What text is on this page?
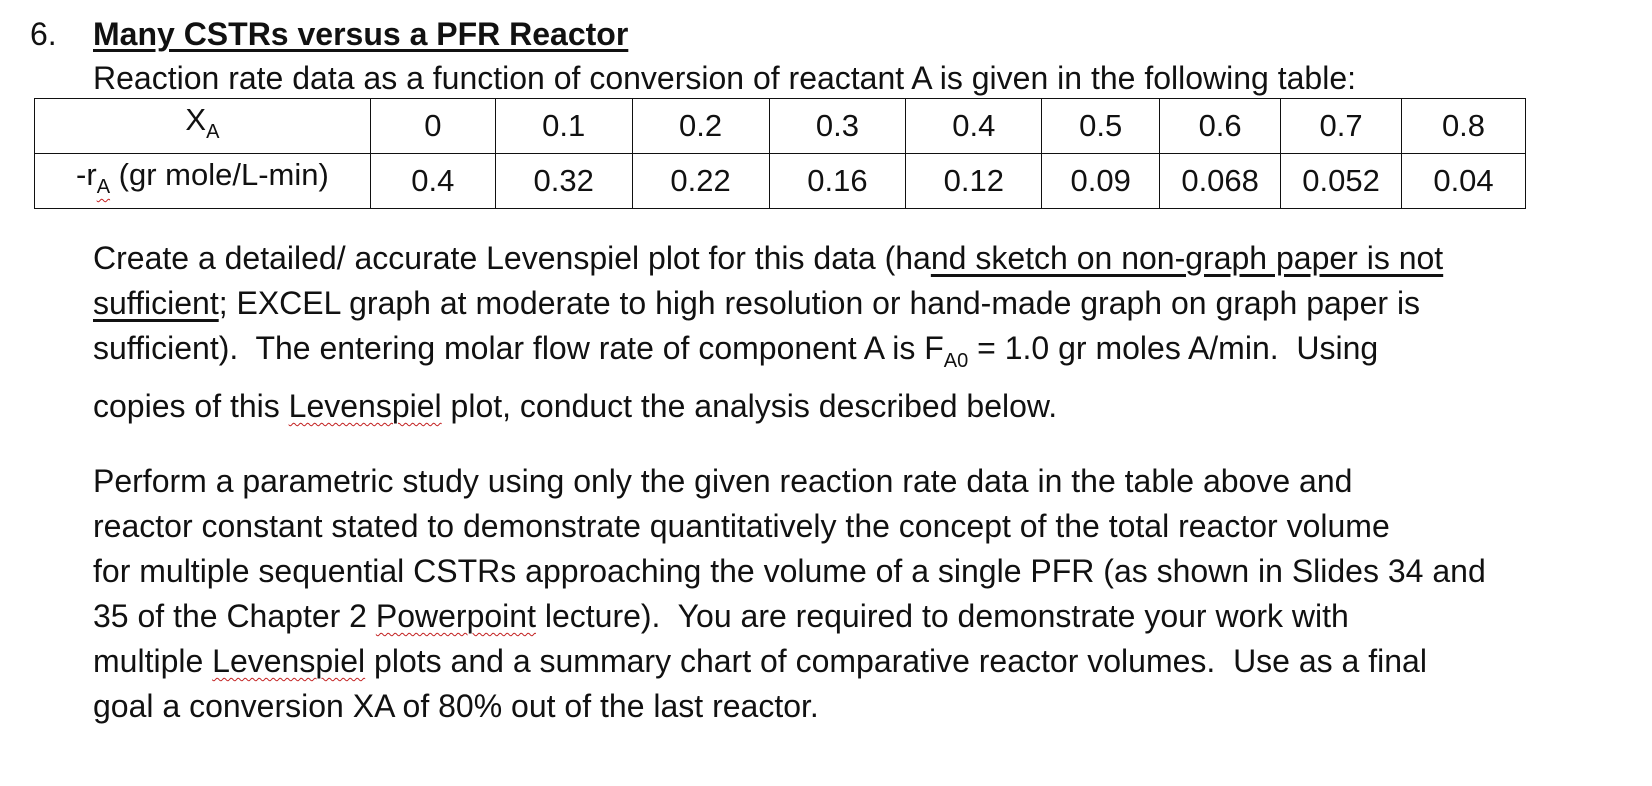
6. Many CSTRs versus a PFR Reactor
Reaction rate data as a function of conversion of reactant A is given in the following table:
$X_A$	0	0.1	0.2	0.3	0.4	0.5	0.6	0.7	0.8
$-r_A$ (gr mole/L-min)	0.4	0.32	0.22	0.16	0.12	0.09	0.068	0.052	0.04
Create a detailed/ accurate Levenspiel plot for this data (hand sketch on non-graph paper is not
sufficient; EXCEL graph at moderate to high resolution or hand-made graph on graph paper is
sufficient).  The entering molar flow rate of component A is $F_{A0} = 1.0$ gr moles A/min.  Using
copies of this Levenspiel plot, conduct the analysis described below.
Perform a parametric study using only the given reaction rate data in the table above and
reactor constant stated to demonstrate quantitatively the concept of the total reactor volume
for multiple sequential CSTRs approaching the volume of a single PFR (as shown in Slides 34 and
35 of the Chapter 2 Powerpoint lecture).  You are required to demonstrate your work with
multiple Levenspiel plots and a summary chart of comparative reactor volumes.  Use as a final
goal a conversion XA of 80% out of the last reactor.
